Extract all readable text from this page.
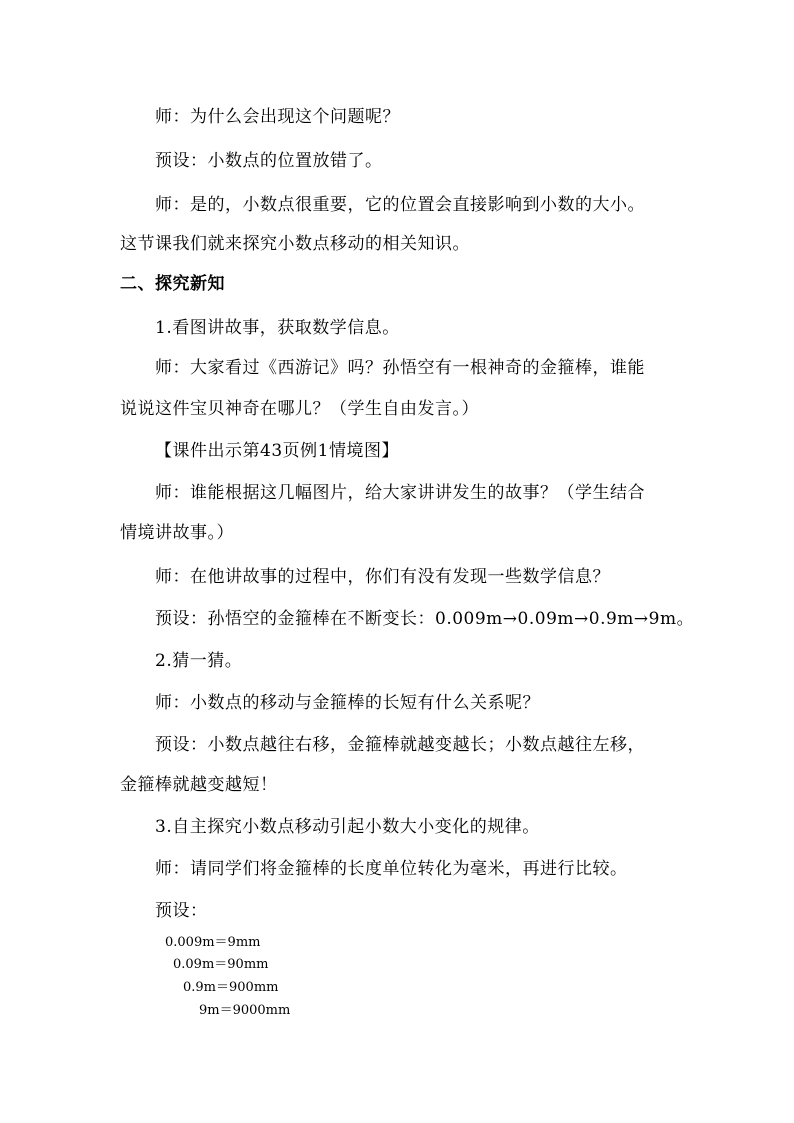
师：为什么会出现这个问题呢？
预设：小数点的位置放错了。
师：是的，小数点很重要，它的位置会直接影响到小数的大小。
这节课我们就来探究小数点移动的相关知识。
二、探究新知
1.看图讲故事，获取数学信息。
师：大家看过《西游记》吗？孙悟空有一根神奇的金箍棒，谁能
说说这件宝贝神奇在哪儿？（学生自由发言。）
【课件出示第43页例1情境图】
师：谁能根据这几幅图片，给大家讲讲发生的故事？（学生结合
情境讲故事。）
师：在他讲故事的过程中，你们有没有发现一些数学信息？
预设：孙悟空的金箍棒在不断变长：0.009m→0.09m→0.9m→9m。
2.猜一猜。
师：小数点的移动与金箍棒的长短有什么关系呢？
预设：小数点越往右移，金箍棒就越变越长；小数点越往左移，
金箍棒就越变越短！
3.自主探究小数点移动引起小数大小变化的规律。
师：请同学们将金箍棒的长度单位转化为毫米，再进行比较。
预设：
0.009m＝9mm
0.09m＝90mm
0.9m＝900mm
9m＝9000mm
